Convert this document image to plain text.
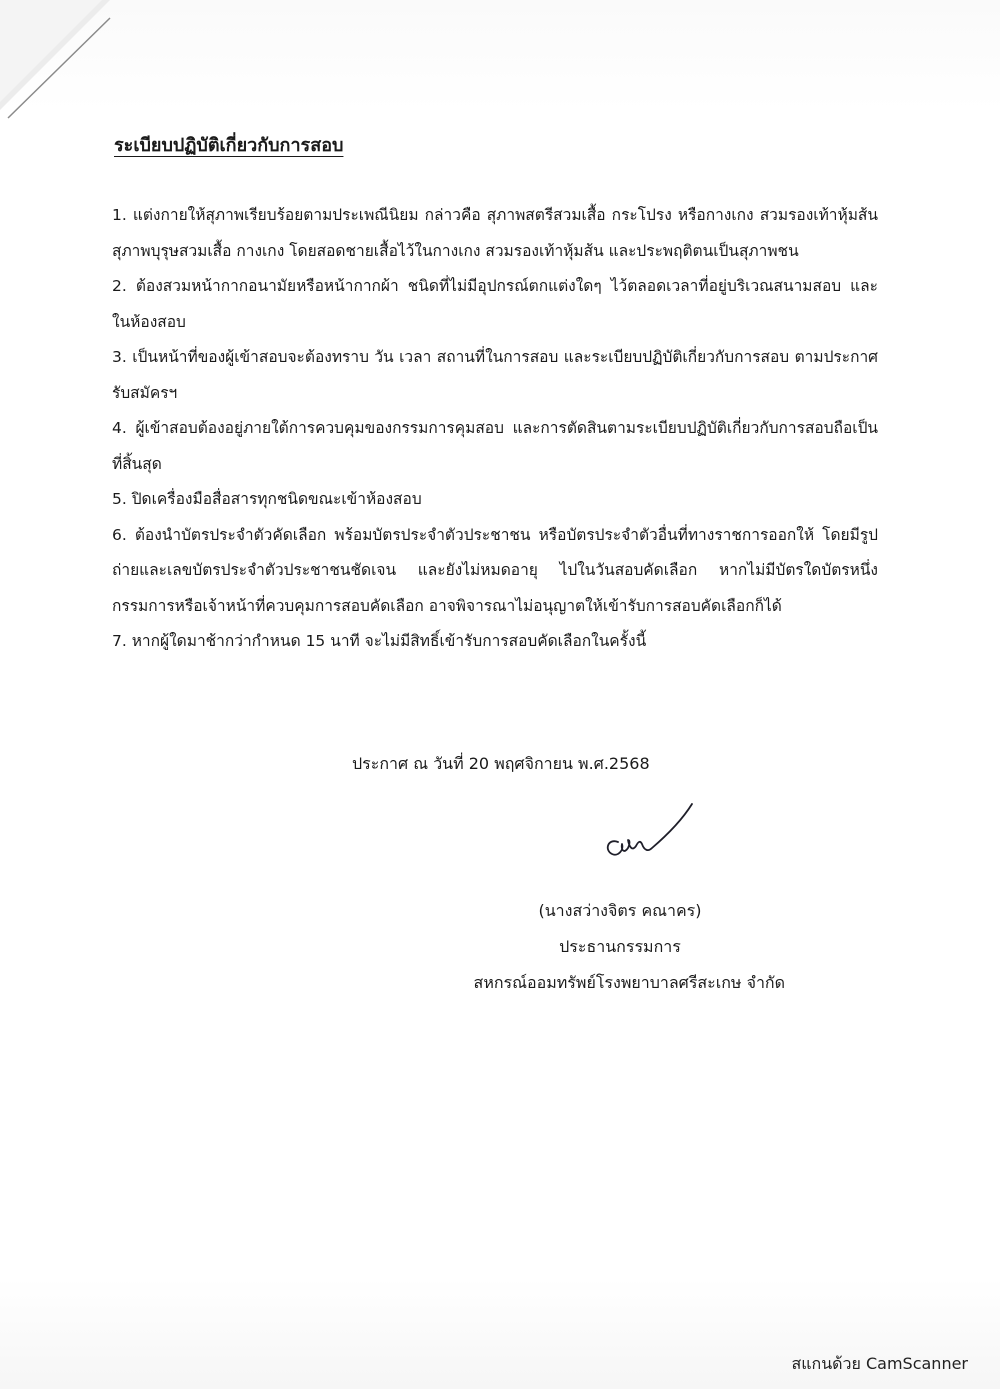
ระเบียบปฏิบัติเกี่ยวกับการสอบ

1. แต่งกายให้สุภาพเรียบร้อยตามประเพณีนิยม กล่าวคือ สุภาพสตรีสวมเสื้อ กระโปรง หรือกางเกง สวมรองเท้าหุ้มส้น สุภาพบุรุษสวมเสื้อ กางเกง โดยสอดชายเสื้อไว้ในกางเกง สวมรองเท้าหุ้มส้น และประพฤติตนเป็นสุภาพชน

2. ต้องสวมหน้ากากอนามัยหรือหน้ากากผ้า ชนิดที่ไม่มีอุปกรณ์ตกแต่งใดๆ ไว้ตลอดเวลาที่อยู่บริเวณสนามสอบ และในห้องสอบ

3. เป็นหน้าที่ของผู้เข้าสอบจะต้องทราบ วัน เวลา สถานที่ในการสอบ และระเบียบปฏิบัติเกี่ยวกับการสอบ ตามประกาศรับสมัครฯ

4. ผู้เข้าสอบต้องอยู่ภายใต้การควบคุมของกรรมการคุมสอบ และการตัดสินตามระเบียบปฏิบัติเกี่ยวกับการสอบถือเป็นที่สิ้นสุด

5. ปิดเครื่องมือสื่อสารทุกชนิดขณะเข้าห้องสอบ

6. ต้องนำบัตรประจำตัวคัดเลือก พร้อมบัตรประจำตัวประชาชน หรือบัตรประจำตัวอื่นที่ทางราชการออกให้ โดยมีรูปถ่ายและเลขบัตรประจำตัวประชาชนชัดเจน และยังไม่หมดอายุ ไปในวันสอบคัดเลือก หากไม่มีบัตรใดบัตรหนึ่ง กรรมการหรือเจ้าหน้าที่ควบคุมการสอบคัดเลือก อาจพิจารณาไม่อนุญาตให้เข้ารับการสอบคัดเลือกก็ได้

7. หากผู้ใดมาช้ากว่ากำหนด 15 นาที จะไม่มีสิทธิ์เข้ารับการสอบคัดเลือกในครั้งนี้

ประกาศ ณ วันที่ 20 พฤศจิกายน พ.ศ.2568
(นางสว่างจิตร คณาคร)
ประธานกรรมการ
สหกรณ์ออมทรัพย์โรงพยาบาลศรีสะเกษ จำกัด
สแกนด้วย CamScanner
